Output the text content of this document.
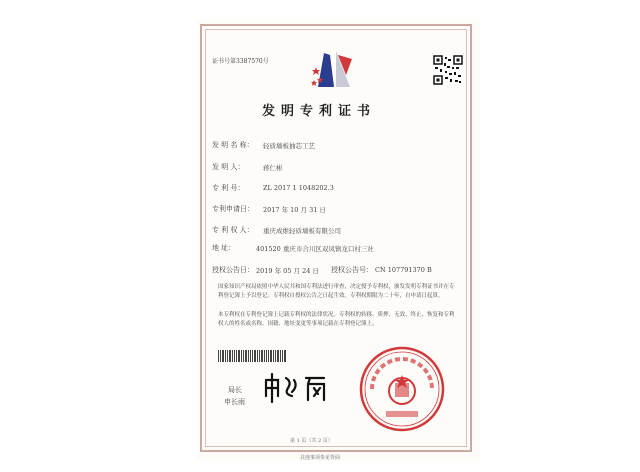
证书号第3387570号
发明专利证书
发 明 名 称： 轻质墙板抽芯工艺
发 明 人：	蒋仁彬
专 利 号：	ZL 2017 1 1048202.3
专利申请日： 2017 年 10 月 31 日
专 利 权 人： 重庆成维轻质墙板有限公司
地 址：	401520 重庆市合川区双凤镇龙口村三社
授权公告日： 2019 年 05 月 24 日 授权公告号： CN 107791370 B
国家知识产权局依照中华人民共和国专利法进行审查，决定授予专利权，颁发发明专利证书并在专利登记簿上予以登记。专利权自授权公告之日起生效。专利权期限为二十年，自申请日起算。
本专利权在专利登记簿上记载专利权的法律状况。专利权的转移、质押、无效、终止、恢复和专利权人的姓名或名称、国籍、地址变更等事项记载在专利登记簿上。
局长
申长雨
第 1 页（共 2 页）
其他事项参见背面
